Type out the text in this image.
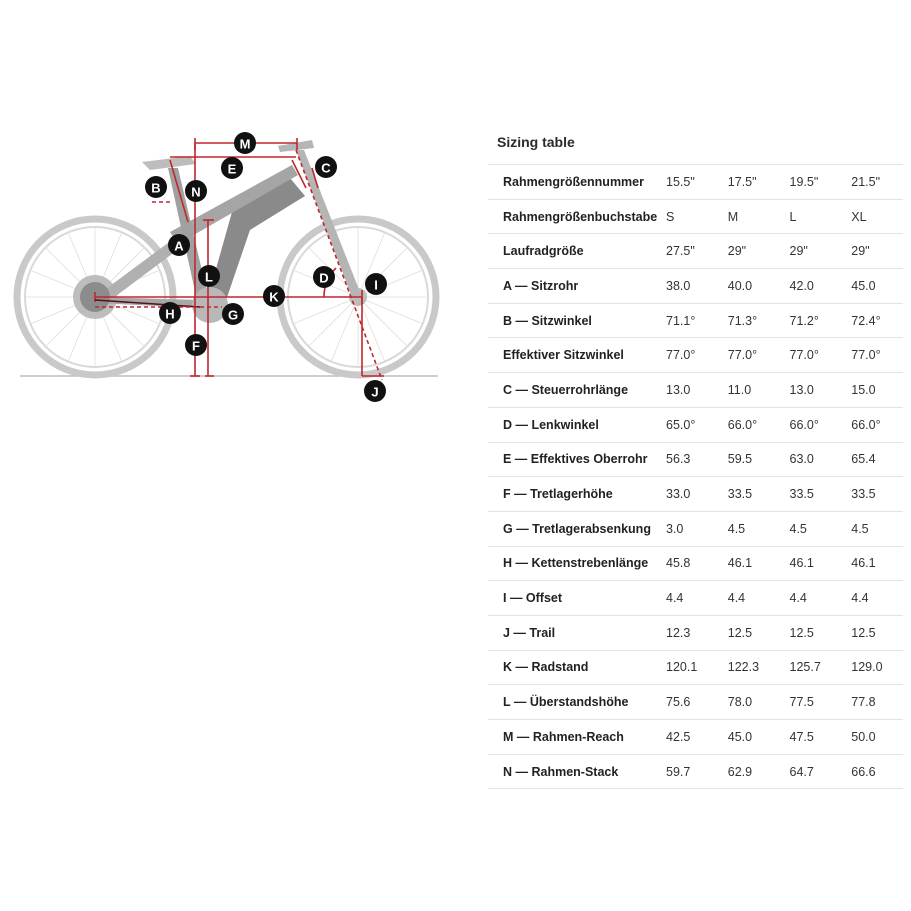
M
E	C
B N
A
L	D	I
K
H	G
F
J
Sizing table
Rahmengrößennummer	15.5"	17.5"	19.5"	21.5"
Rahmengrößenbuchstabe	S	M	L	XL
Laufradgröße	27.5"	29"	29"	29"
A — Sitzrohr	38.0	40.0	42.0	45.0
B — Sitzwinkel	71.1°	71.3°	71.2°	72.4°
Effektiver Sitzwinkel	77.0°	77.0°	77.0°	77.0°
C — Steuerrohrlänge	13.0	11.0	13.0	15.0
D — Lenkwinkel	65.0°	66.0°	66.0°	66.0°
E — Effektives Oberrohr	56.3	59.5	63.0	65.4
F — Tretlagerhöhe	33.0	33.5	33.5	33.5
G — Tretlagerabsenkung	3.0	4.5	4.5	4.5
H — Kettenstrebenlänge	45.8	46.1	46.1	46.1
I — Offset	4.4	4.4	4.4	4.4
J — Trail	12.3	12.5	12.5	12.5
K — Radstand	120.1	122.3	125.7	129.0
L — Überstandshöhe	75.6	78.0	77.5	77.8
M — Rahmen-Reach	42.5	45.0	47.5	50.0
N — Rahmen-Stack	59.7	62.9	64.7	66.6
